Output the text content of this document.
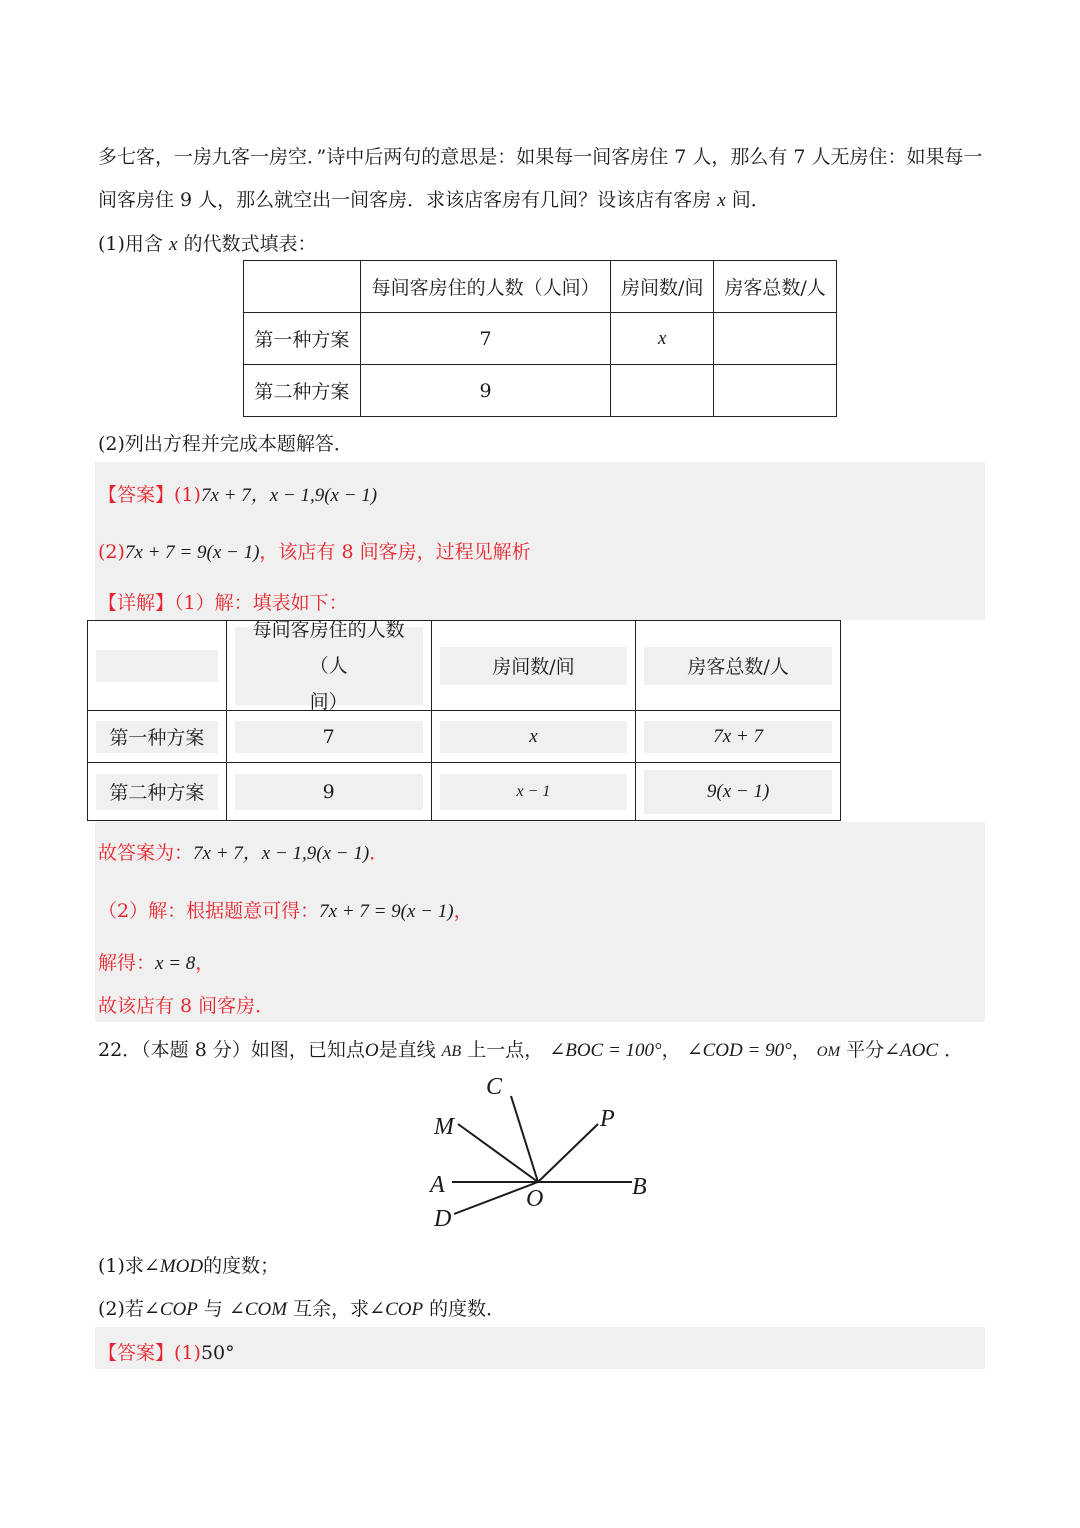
多七客，一房九客一房空．”诗中后两句的意思是：如果每一间客房住 7 人，那么有 7 人无房住：如果每一
间客房住 9 人，那么就空出一间客房．求该店客房有几间？设该店有客房 x 间．
(1)用含 x 的代数式填表：
	每间客房住的人数（人间）	房间数/间	房客总数/人
第一种方案	7	x	
第二种方案	9		
(2)列出方程并完成本题解答．
【答案】(1)7x + 7，x − 1,9(x − 1)
(2)7x + 7 = 9(x − 1)，该店有 8 间客房，过程见解析
【详解】（1）解：填表如下：

	每间客房住的人数（人
间）	房间数/间	房客总数/人

第一种方案	7	x	7x + 7

第二种方案	9	x − 1	9(x − 1)
故答案为：7x + 7，x − 1,9(x − 1)．
（2）解：根据题意可得：7x + 7 = 9(x − 1)，
解得：x = 8，
故该店有 8 间客房．
22．（本题 8 分）如图，已知点O是直线 AB 上一点， ∠BOC = 100°， ∠COD = 90°， OM 平分∠AOC ．
C
M	P
A
O	B
D
(1)求∠MOD的度数；
(2)若∠COP 与 ∠COM 互余，求∠COP 的度数．
【答案】(1)50°
